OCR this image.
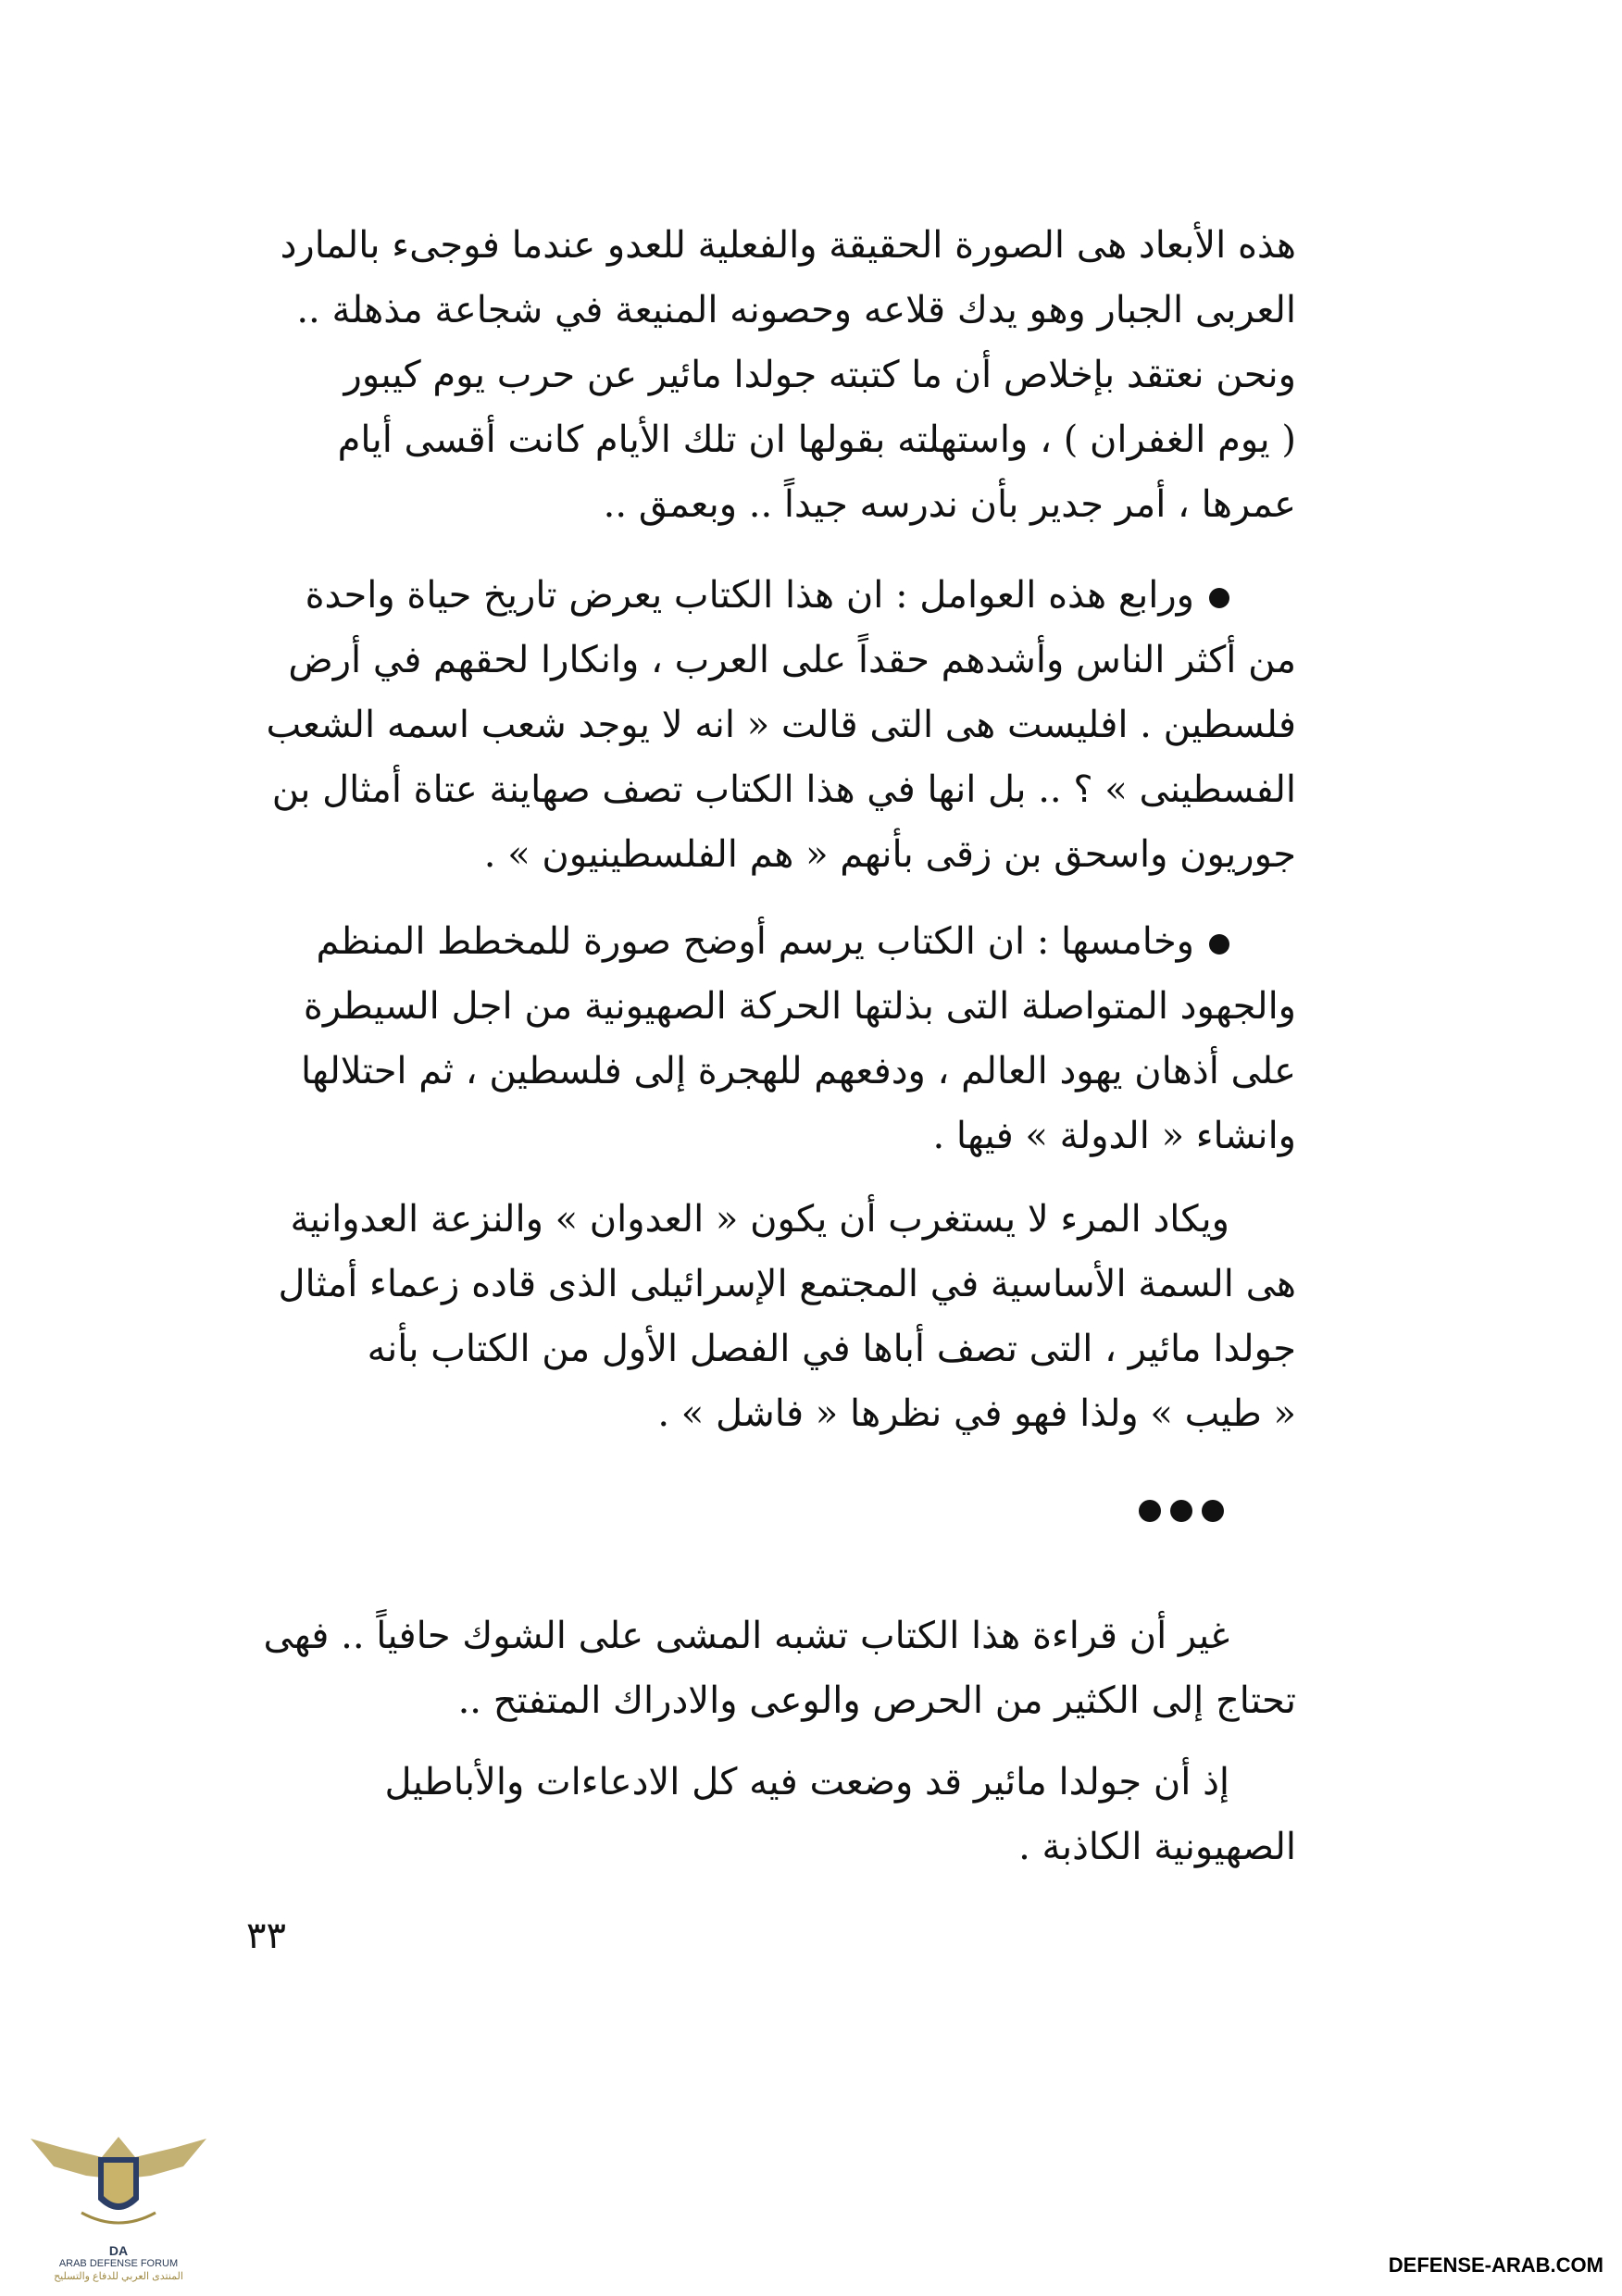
هذه الأبعاد هى الصورة الحقيقة والفعلية للعدو عندما فوجىء بالمارد
العربى الجبار وهو يدك قلاعه وحصونه المنيعة في شجاعة مذهلة ..
ونحن نعتقد بإخلاص أن ما كتبته جولدا مائير عن حرب يوم كيبور
( يوم الغفران ) ، واستهلته بقولها ان تلك الأيام كانت أقسى أيام
عمرها ، أمر جدير بأن ندرسه جيداً .. وبعمق ..

ورابع هذه العوامل : ان هذا الكتاب يعرض تاريخ حياة واحدة
من أكثر الناس وأشدهم حقداً على العرب ، وانكارا لحقهم في أرض
فلسطين . افليست هى التى قالت « انه لا يوجد شعب اسمه الشعب
الفسطينى » ؟ .. بل انها في هذا الكتاب تصف صهاينة عتاة أمثال بن
جوريون واسحق بن زقى بأنهم « هم الفلسطينيون » .

وخامسها : ان الكتاب يرسم أوضح صورة للمخطط المنظم
والجهود المتواصلة التى بذلتها الحركة الصهيونية من اجل السيطرة
على أذهان يهود العالم ، ودفعهم للهجرة إلى فلسطين ، ثم احتلالها
وانشاء « الدولة » فيها .

ويكاد المرء لا يستغرب أن يكون « العدوان » والنزعة العدوانية
هى السمة الأساسية في المجتمع الإسرائيلى الذى قاده زعماء أمثال
جولدا مائير ، التى تصف أباها في الفصل الأول من الكتاب بأنه
« طيب » ولذا فهو في نظرها « فاشل » .

غير أن قراءة هذا الكتاب تشبه المشى على الشوك حافياً .. فهى
تحتاج إلى الكثير من الحرص والوعى والادراك المتفتح ..

إذ أن جولدا مائير قد وضعت فيه كل الادعاءات والأباطيل
الصهيونية الكاذبة .

٣٣
DA
ARAB DEFENSE FORUM
المنتدى العربي للدفاع والتسليح	DEFENSE-ARAB.COM
